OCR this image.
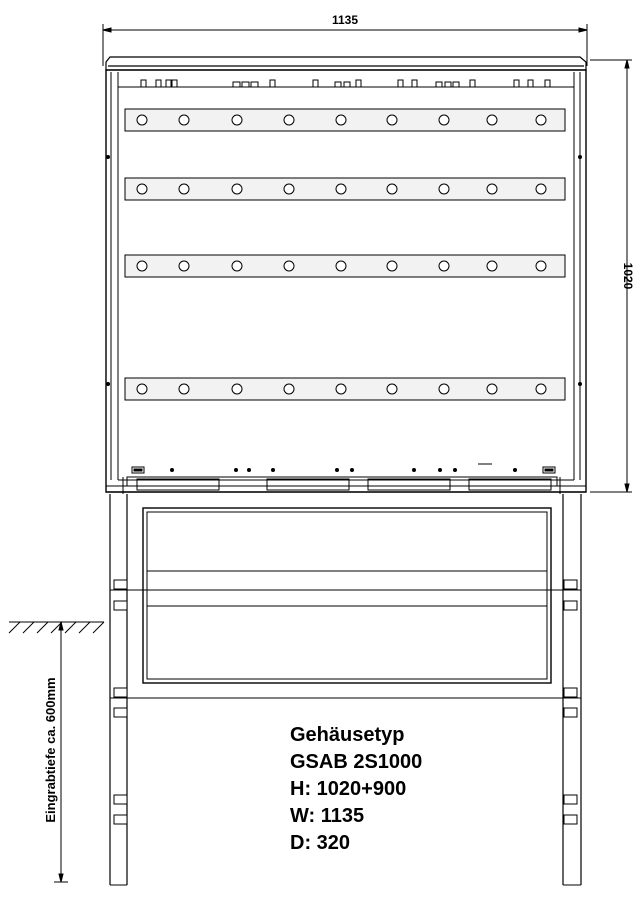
1135
1020
Eingrabtiefe ca. 600mm	Gehäusetyp
GSAB 2S1000
H: 1020+900
W: 1135
D: 320
